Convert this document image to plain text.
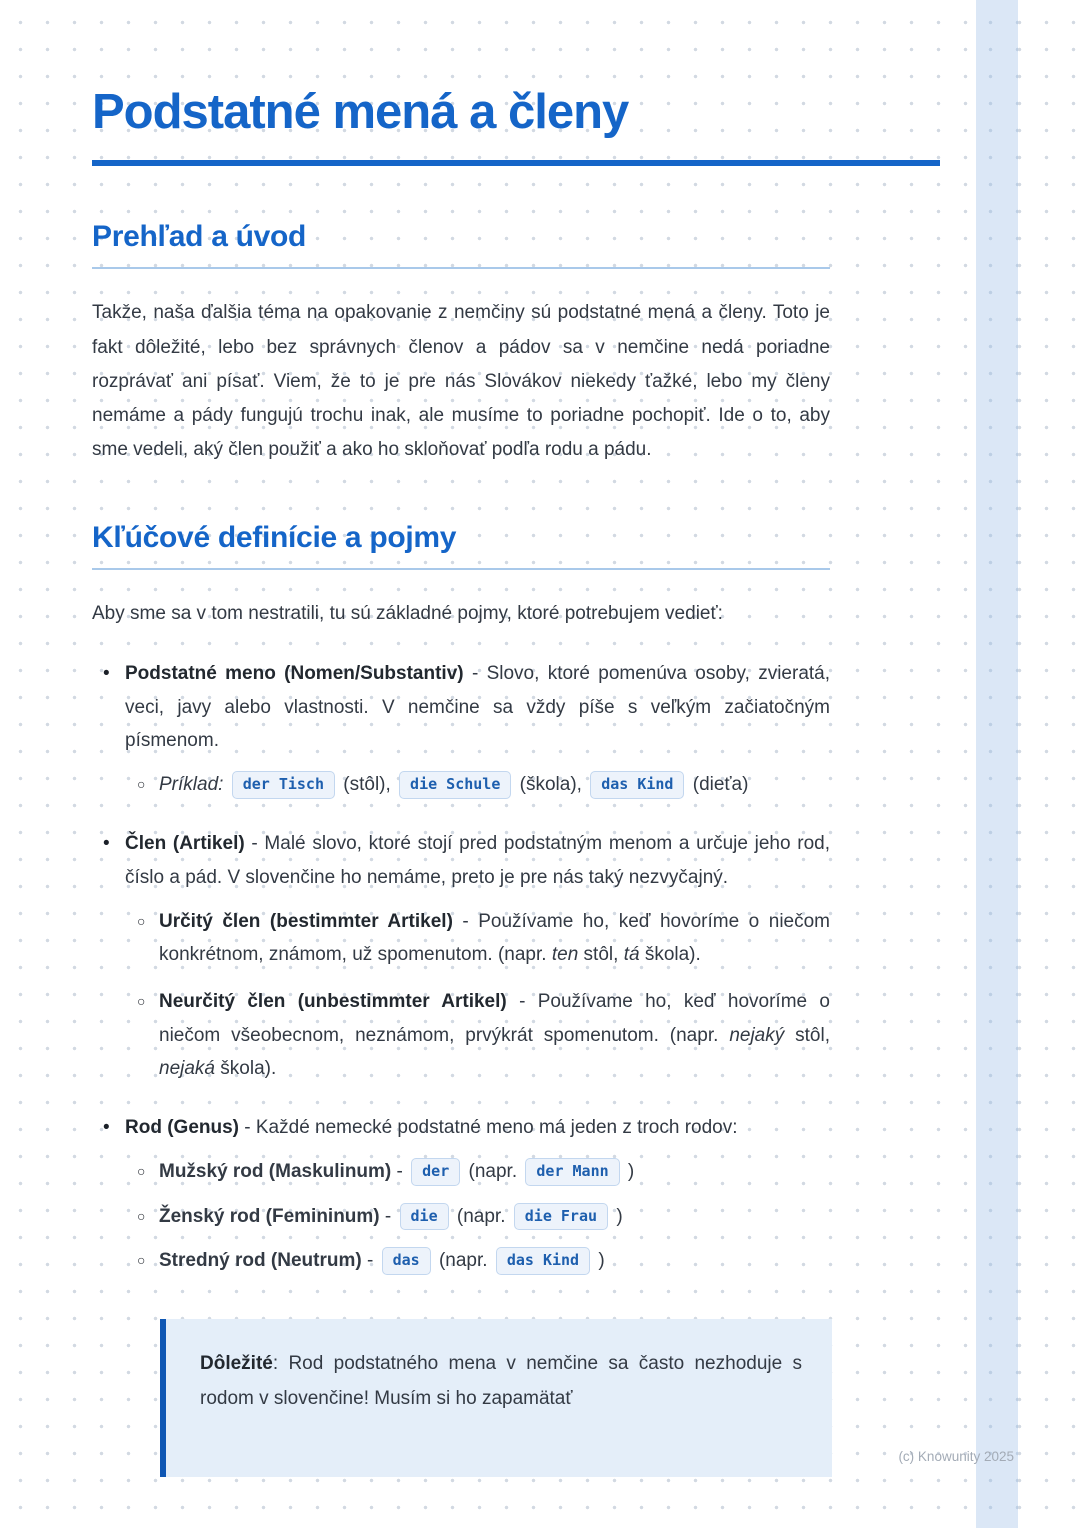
Podstatné mená a členy
Prehľad a úvod

Takže, naša ďalšia téma na opakovanie z nemčiny sú podstatné mená a členy. Toto je fakt dôležité, lebo bez správnych členov a pádov sa v nemčine nedá poriadne rozprávať ani písať. Viem, že to je pre nás Slovákov niekedy ťažké, lebo my členy nemáme a pády fungujú trochu inak, ale musíme to poriadne pochopiť. Ide o to, aby sme vedeli, aký člen použiť a ako ho skloňovať podľa rodu a pádu.

Kľúčové definície a pojmy

Aby sme sa v tom nestratili, tu sú základné pojmy, ktoré potrebujem vedieť:

• Podstatné meno (Nomen/Substantiv) - Slovo, ktoré pomenúva osoby, zvieratá, veci, javy alebo vlastnosti. V nemčine sa vždy píše s veľkým začiatočným písmenom.
○ Príklad: der Tisch (stôl), die Schule (škola), das Kind (dieťa)
• Člen (Artikel) - Malé slovo, ktoré stojí pred podstatným menom a určuje jeho rod, číslo a pád. V slovenčine ho nemáme, preto je pre nás taký nezvyčajný.
○ Určitý člen (bestimmter Artikel) - Používame ho, keď hovoríme o niečom konkrétnom, známom, už spomenutom. (napr. ten stôl, tá škola).
○ Neurčitý člen (unbestimmter Artikel) - Používame ho, keď hovoríme o niečom všeobecnom, neznámom, prvýkrát spomenutom. (napr. nejaký stôl, nejaká škola).
• Rod (Genus) - Každé nemecké podstatné meno má jeden z troch rodov:
○ Mužský rod (Maskulinum) - der (napr. der Mann )
○ Ženský rod (Femininum) - die (napr. die Frau )
○ Stredný rod (Neutrum) - das (napr. das Kind )
Dôležité: Rod podstatného mena v nemčine sa často nezhoduje s rodom v slovenčine! Musím si ho zapamätať
(c) Knowunity 2025
